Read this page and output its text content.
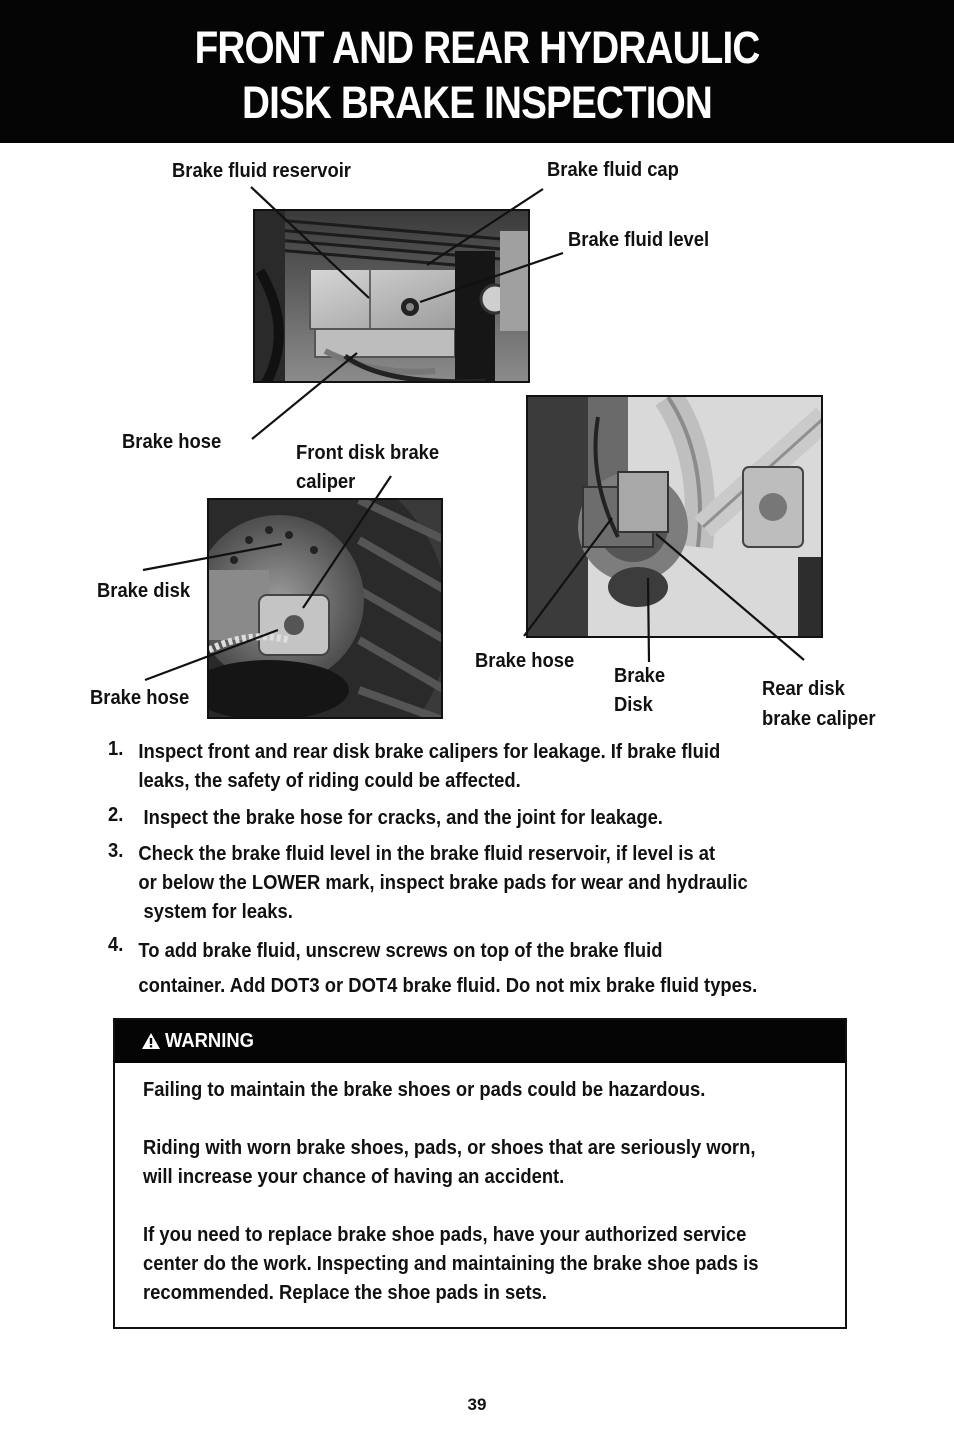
FRONT AND REAR HYDRAULIC
DISK BRAKE INSPECTION
Brake fluid reservoir	Brake fluid cap
Brake fluid level
Brake hose	Front disk brake
caliper
Brake disk
Brake hose
Brake hose
Brake
Disk
Rear disk
brake caliper
1. Inspect front and rear disk brake calipers for leakage. If brake fluid
leaks, the safety of riding could be affected.
2. Inspect the brake hose for cracks, and the joint for leakage.
3. Check the brake fluid level in the brake fluid reservoir, if level is at
or below the LOWER mark, inspect brake pads for wear and hydraulic
system for leaks.
4. To add brake fluid, unscrew screws on top of the brake fluid
container. Add DOT3 or DOT4 brake fluid. Do not mix brake fluid types.
WARNING
Failing to maintain the brake shoes or pads could be hazardous.
Riding with worn brake shoes, pads, or shoes that are seriously worn,
will increase your chance of having an accident.
If you need to replace brake shoe pads, have your authorized service
center do the work. Inspecting and maintaining the brake shoe pads is
recommended. Replace the shoe pads in sets.
39
